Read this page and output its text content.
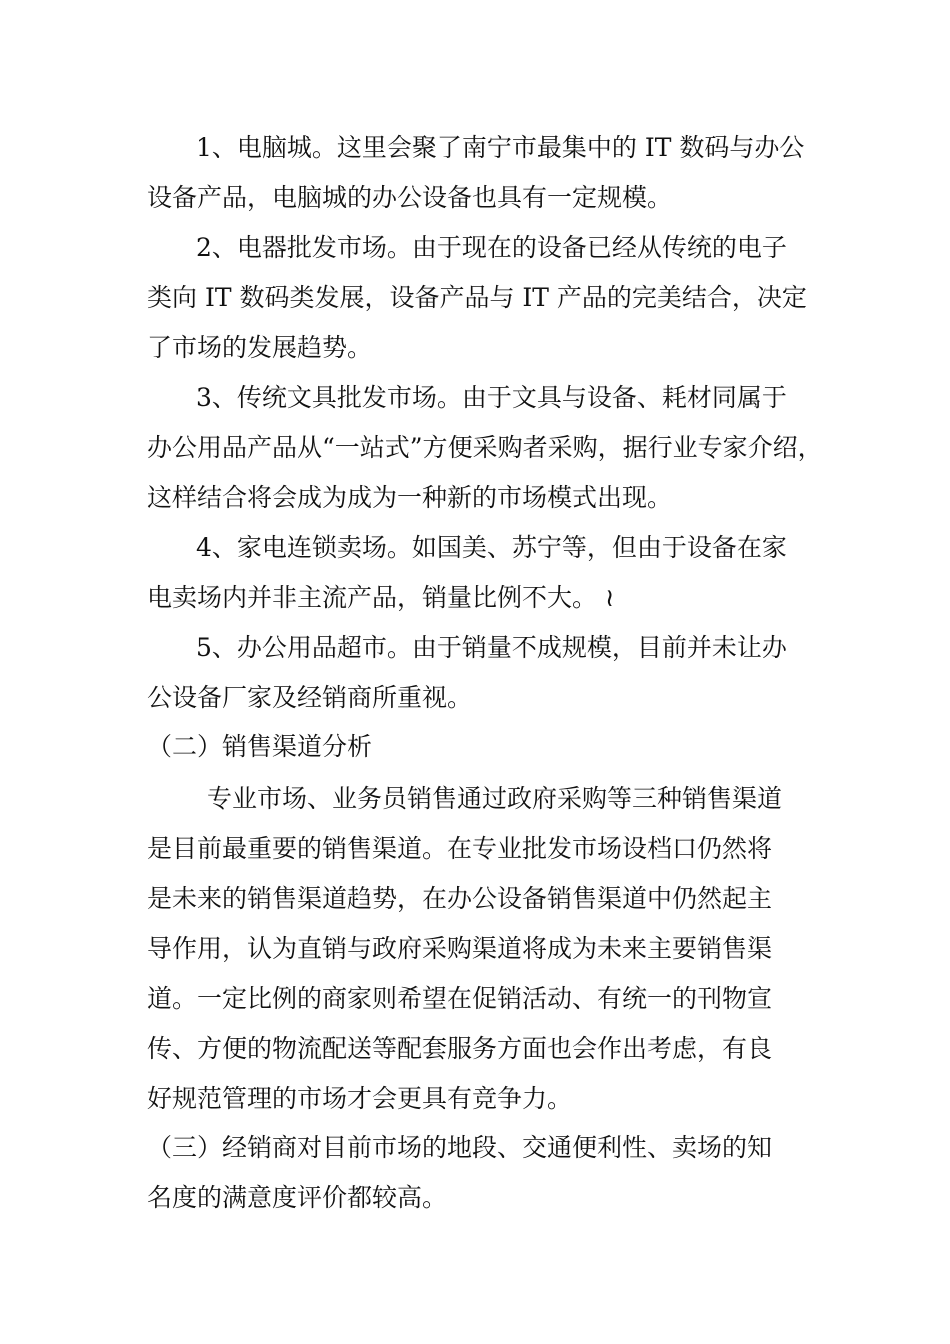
1、电脑城。这里会聚了南宁市最集中的 IT 数码与办公
设备产品，电脑城的办公设备也具有一定规模。
2、电器批发市场。由于现在的设备已经从传统的电子
类向 IT 数码类发展，设备产品与 IT 产品的完美结合，决定
了市场的发展趋势。
3、传统文具批发市场。由于文具与设备、耗材同属于
办公用品产品从“一站式”方便采购者采购，据行业专家介绍，
这样结合将会成为成为一种新的市场模式出现。
4、家电连锁卖场。如国美、苏宁等，但由于设备在家
电卖场内并非主流产品，销量比例不大。 ≀
5、办公用品超市。由于销量不成规模，目前并未让办
公设备厂家及经销商所重视。
（二）销售渠道分析
专业市场、业务员销售通过政府采购等三种销售渠道
是目前最重要的销售渠道。在专业批发市场设档口仍然将
是未来的销售渠道趋势，在办公设备销售渠道中仍然起主
导作用，认为直销与政府采购渠道将成为未来主要销售渠
道。一定比例的商家则希望在促销活动、有统一的刊物宣
传、方便的物流配送等配套服务方面也会作出考虑，有良
好规范管理的市场才会更具有竞争力。
（三）经销商对目前市场的地段、交通便利性、卖场的知
名度的满意度评价都较高。
